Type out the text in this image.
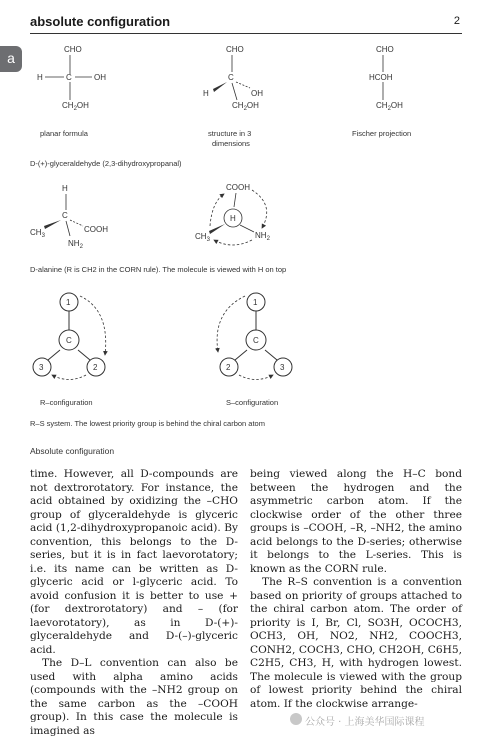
absolute configuration	2
a
CHO
H	C	OH
$CH_2OH$
planar formula
CHO
C
H	OH
$CH_2OH$
structure in 3
dimensions
CHO
HCOH
$CH_2OH$
Fischer projection
D-(+)-glyceraldehyde (2,3-dihydroxypropanal)
H
C
$CH_3$
COOH
$NH_2$
COOH
H
$CH_3$	$NH_2$
D-alanine (R is CH2 in the CORN rule). The molecule is viewed with H on top
1
C
3	2
R–configuration
1
C
2	3
S–configuration
R–S system. The lowest priority group is behind the chiral carbon atom
Absolute configuration

time. However, all D-compounds are not dextrorotatory. For instance, the acid obtained by oxidizing the –CHO group of glyceraldehyde is glyceric acid (1,2-dihydroxypropanoic acid). By convention, this belongs to the D-series, but it is in fact laevorotatory; i.e. its name can be written as D-glyceric acid or l-glyceric acid. To avoid confusion it is better to use + (for dextrorotatory) and – (for laevorotatory), as in D-(+)-glyceraldehyde and D-(–)-glyceric acid.

The D–L convention can also be used with alpha amino acids (compounds with the –NH2 group on the same carbon as the –COOH group). In this case the molecule is imagined as

being viewed along the H–C bond between the hydrogen and the asymmetric carbon atom. If the clockwise order of the other three groups is –COOH, –R, –NH2, the amino acid belongs to the D-series; otherwise it belongs to the L-series. This is known as the CORN rule.

The R–S convention is a convention based on priority of groups attached to the chiral carbon atom. The order of priority is I, Br, Cl, SO3H, OCOCH3, OCH3, OH, NO2, NH2, COOCH3, CONH2, COCH3, CHO, CH2OH, C6H5, C2H5, CH3, H, with hydrogen lowest. The molecule is viewed with the group of lowest priority behind the chiral atom. If the clockwise arrange-

公众号 · 上海美华国际课程
